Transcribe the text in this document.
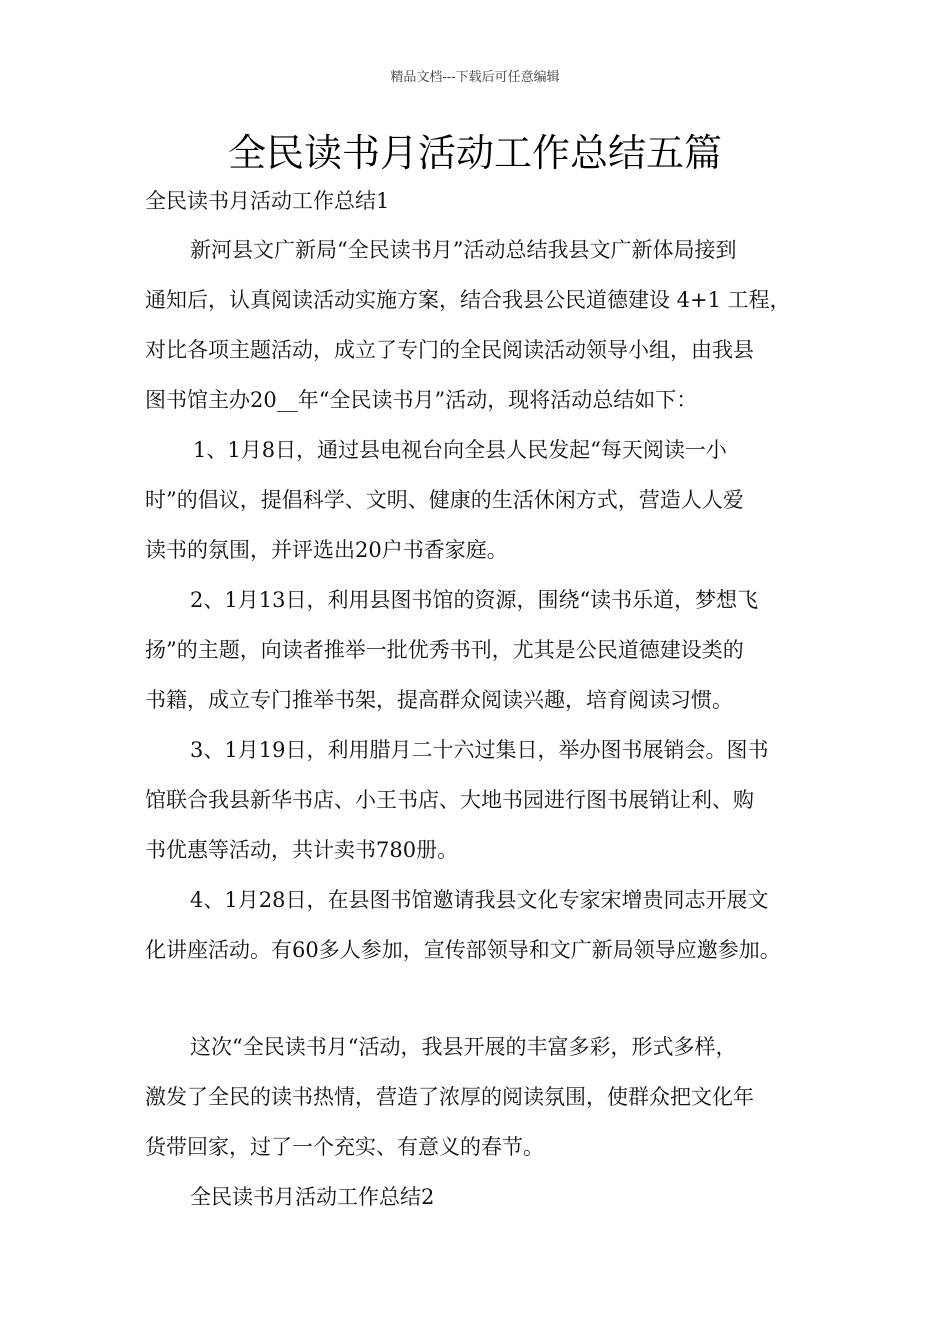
精品文档---下载后可任意编辑
全民读书月活动工作总结五篇
全民读书月活动工作总结1
新河县文广新局“全民读书月”活动总结我县文广新体局接到
通知后，认真阅读活动实施方案，结合我县公民道德建设 4+1 工程，
对比各项主题活动，成立了专门的全民阅读活动领导小组，由我县
图书馆主办20__年“全民读书月”活动，现将活动总结如下：
1、1月8日，通过县电视台向全县人民发起“每天阅读一小
时”的倡议，提倡科学、文明、健康的生活休闲方式，营造人人爱
读书的氛围，并评选出20户书香家庭。
2、1月13日，利用县图书馆的资源，围绕“读书乐道，梦想飞
扬”的主题，向读者推举一批优秀书刊，尤其是公民道德建设类的
书籍，成立专门推举书架，提高群众阅读兴趣，培育阅读习惯。
3、1月19日，利用腊月二十六过集日，举办图书展销会。图书
馆联合我县新华书店、小王书店、大地书园进行图书展销让利、购
书优惠等活动，共计卖书780册。
4、1月28日，在县图书馆邀请我县文化专家宋增贵同志开展文
化讲座活动。有60多人参加，宣传部领导和文广新局领导应邀参加。
这次“全民读书月“活动，我县开展的丰富多彩，形式多样，
激发了全民的读书热情，营造了浓厚的阅读氛围，使群众把文化年
货带回家，过了一个充实、有意义的春节。
全民读书月活动工作总结2
